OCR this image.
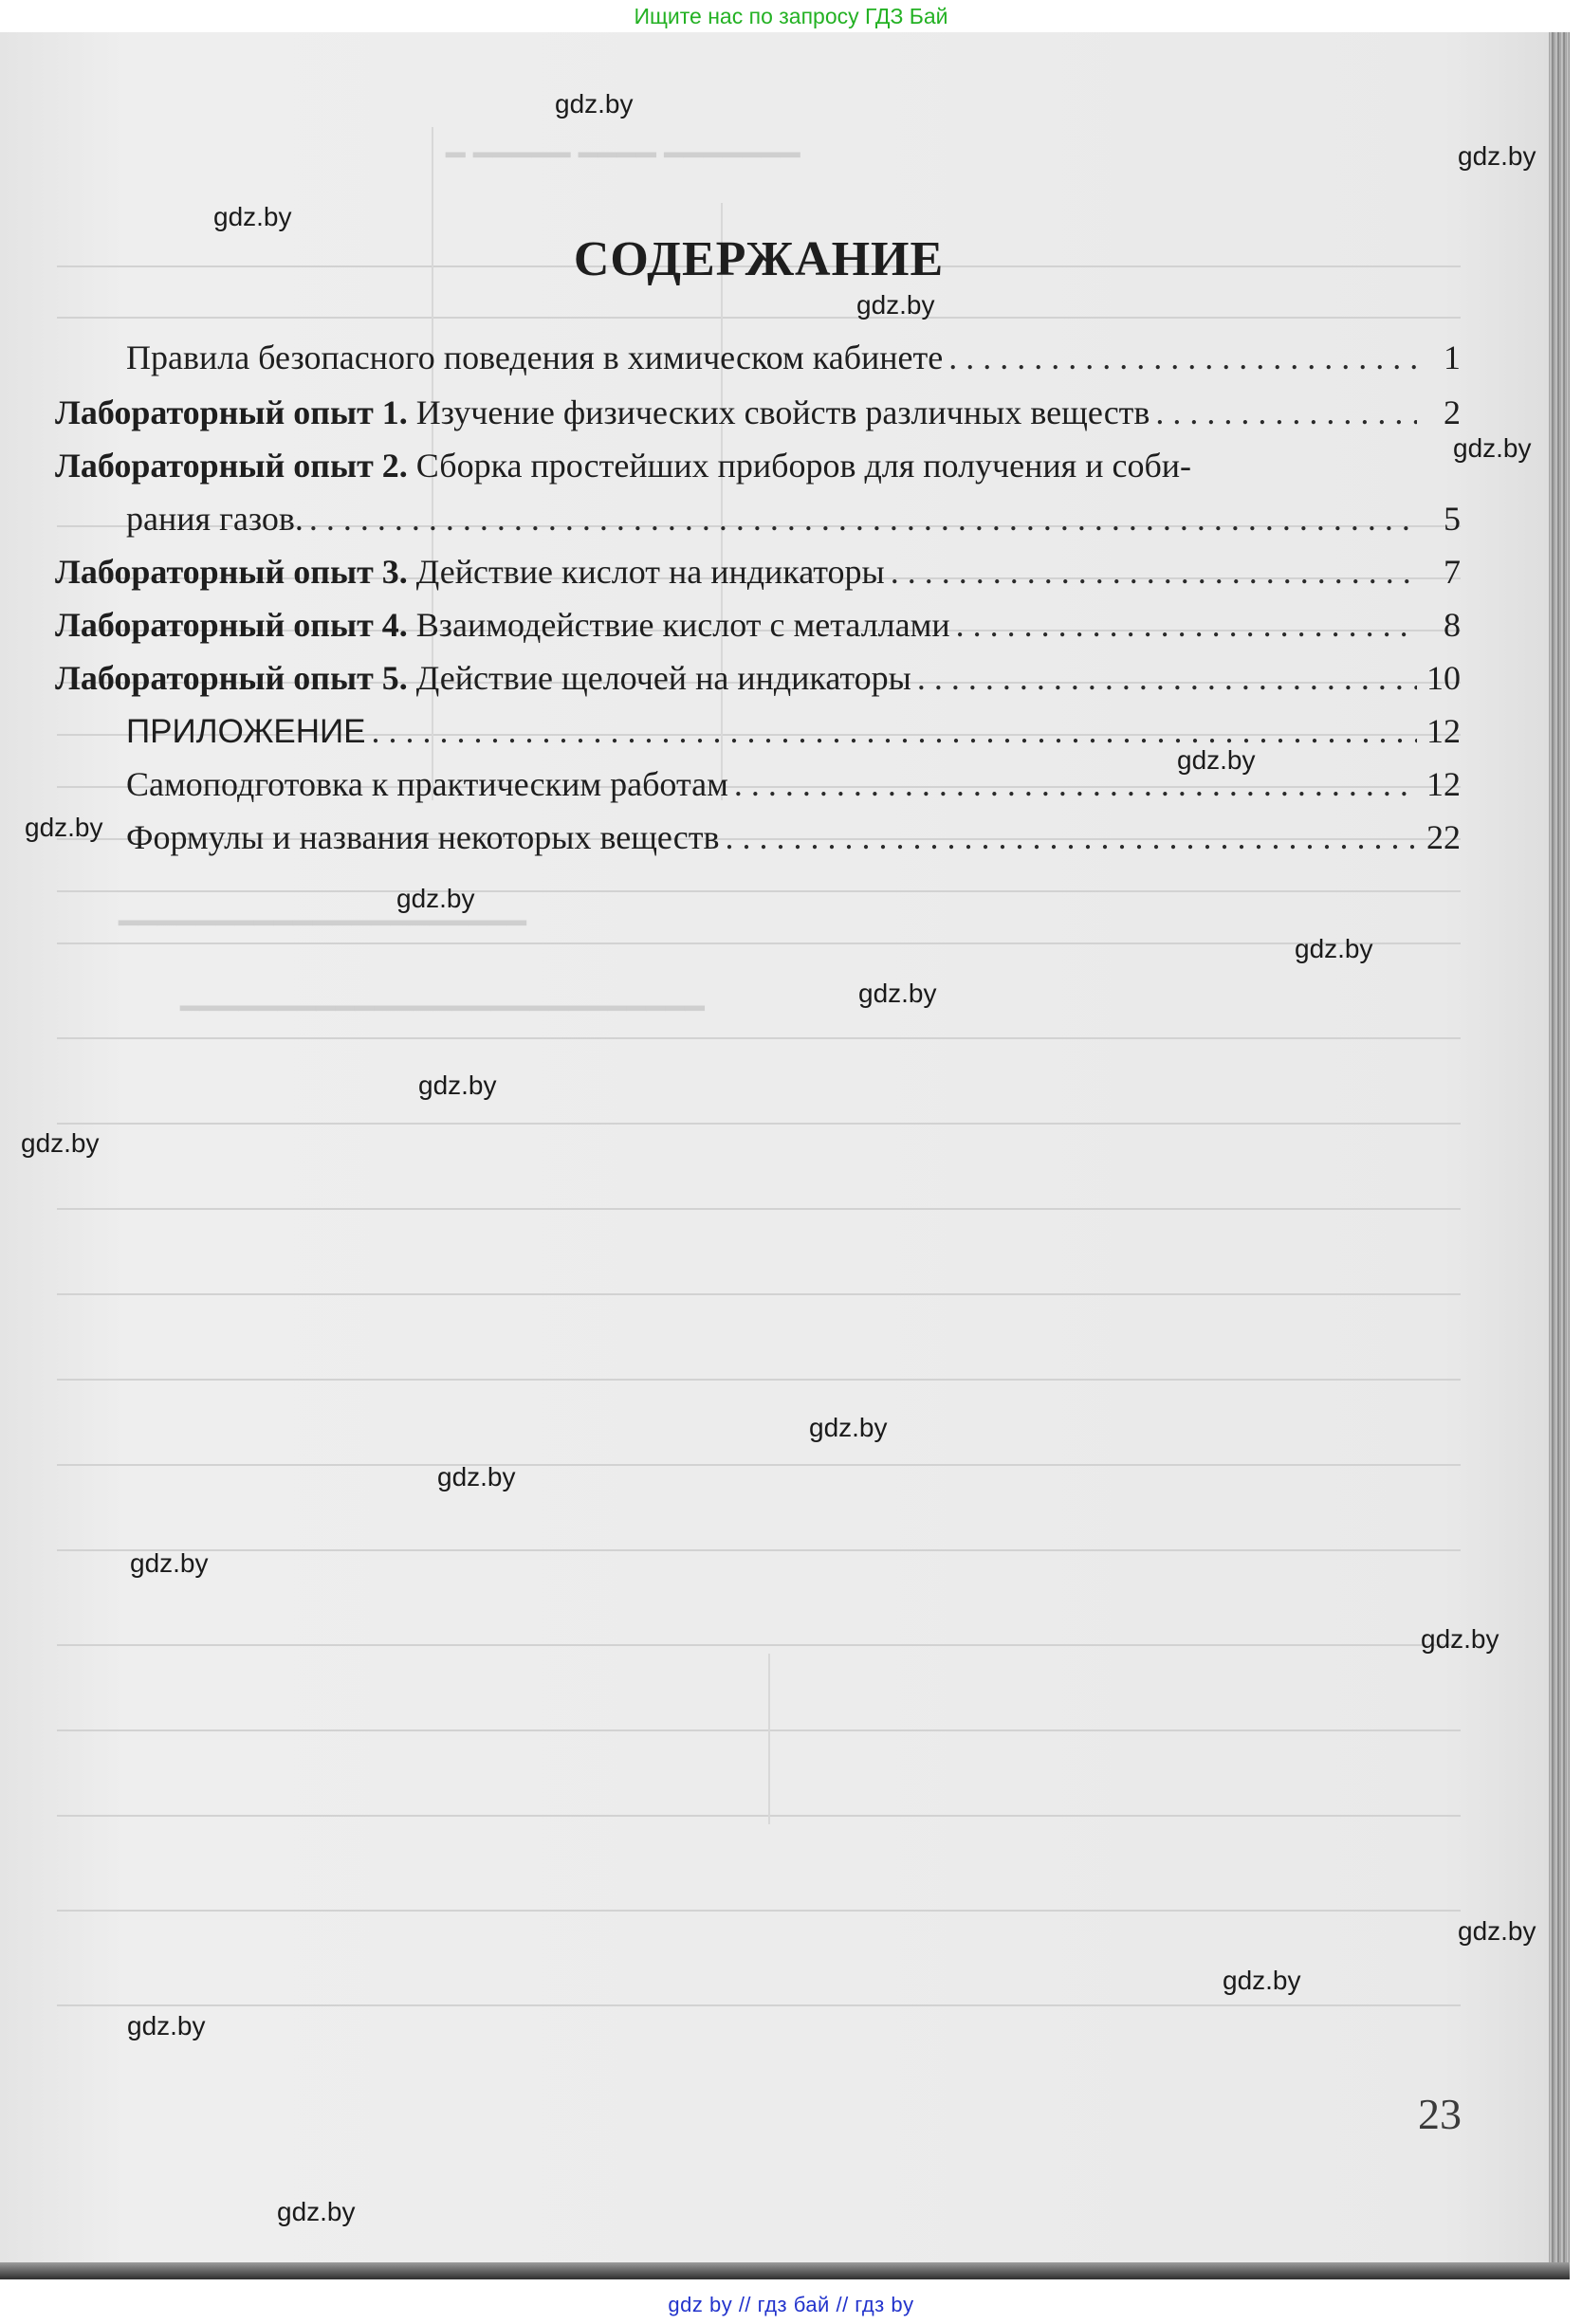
Ищите нас по запросу ГДЗ Бай
━ ━━━━━ ━━━━ ━━━━━━━
━━━━━━━━━━━━━━━━━━━━━
━━━━━━━━━━━━━━━━━━━━━━━━━━━
СОДЕРЖАНИЕ
Правила безопасного поведения в химическом кабинете . . .	1
Лабораторный опыт 1. Изучение физических свойств различных веществ . . .	2
Лабораторный опыт 2. Сборка простейших приборов для получения и соби-
рания газов. . . .	5
Лабораторный опыт 3. Действие кислот на индикаторы . . .	7
Лабораторный опыт 4. Взаимодействие кислот с металлами . . .	8
Лабораторный опыт 5. Действие щелочей на индикаторы . . .	10
ПРИЛОЖЕНИЕ . . .	12
Самоподготовка к практическим работам . . .	12
Формулы и названия некоторых веществ . . .	22
23
gdz.by
gdz.by
gdz.by
gdz.by
gdz.by
gdz.by
gdz.by
gdz.by
gdz.by
gdz.by
gdz.by
gdz.by
gdz.by
gdz.by
gdz.by
gdz.by
gdz.by
gdz.by
gdz.by
gdz.by
gdz by // гдз бай // гдз by
